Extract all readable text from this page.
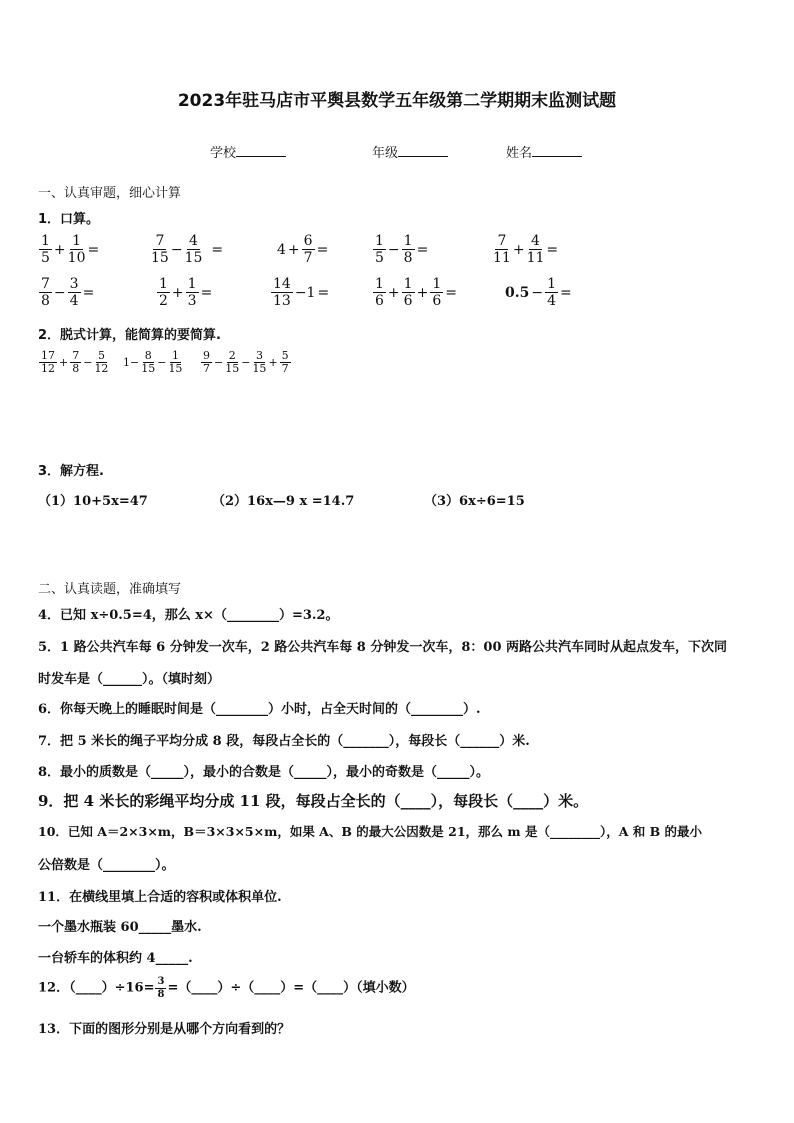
2023年驻马店市平舆县数学五年级第二学期期末监测试题
学校	年级	姓名
一、认真审题，细心计算
1．口算。
$\frac{1}{5} + \frac{1}{10}$ =	$\frac{7}{15} - \frac{4}{15}$ =	$4 + \frac{6}{7}$ =	$\frac{1}{5} - \frac{1}{8}$ =	$\frac{7}{11} + \frac{4}{11}$ =
$\frac{7}{8} - \frac{3}{4}$ =	$\frac{1}{2} + \frac{1}{3}$ =	$\frac{14}{13} -1$ =	$\frac{1}{6} + \frac{1}{6} + \frac{1}{6}$ =	$0.5 - \frac{1}{4}$ =
2．脱式计算，能简算的要简算.
$\frac{17}{12} + \frac{7}{8} - \frac{5}{12} 1- \frac{8}{15} - \frac{1}{15} \frac{9}{7} - \frac{2}{15} - \frac{3}{15} + \frac{5}{7}$
3．解方程.
（1）10+5x=47	（2）16x—9 x =14.7	（3）6x÷6=15
二、认真读题，准确填写
4．已知 x÷0.5=4，那么 x×（________）=3.2。
5．1 路公共汽车每 6 分钟发一次车，2 路公共汽车每 8 分钟发一次车，8：00 两路公共汽车同时从起点发车，下次同
时发车是（______）。（填时刻）
6．你每天晚上的睡眠时间是（________）小时，占全天时间的（________）.
7．把 5 米长的绳子平均分成 8 段，每段占全长的（_______），每段长（______）米.
8．最小的质数是（_____），最小的合数是（_____），最小的奇数是（_____）。
9．把 4 米长的彩绳平均分成 11 段，每段占全长的（____），每段长（____）米。
10．已知 A＝2×3×m，B＝3×3×5×m，如果 A、B 的最大公因数是 21，那么 m 是（________），A 和 B 的最小
公倍数是（________）。
11．在横线里填上合适的容积或体积单位.
一个墨水瓶装 60_____墨水.
一台轿车的体积约 4_____.
12．（____）÷16= $\frac{3}{8}$ =（____）÷（____）=（____）（填小数）
13．下面的图形分别是从哪个方向看到的？
